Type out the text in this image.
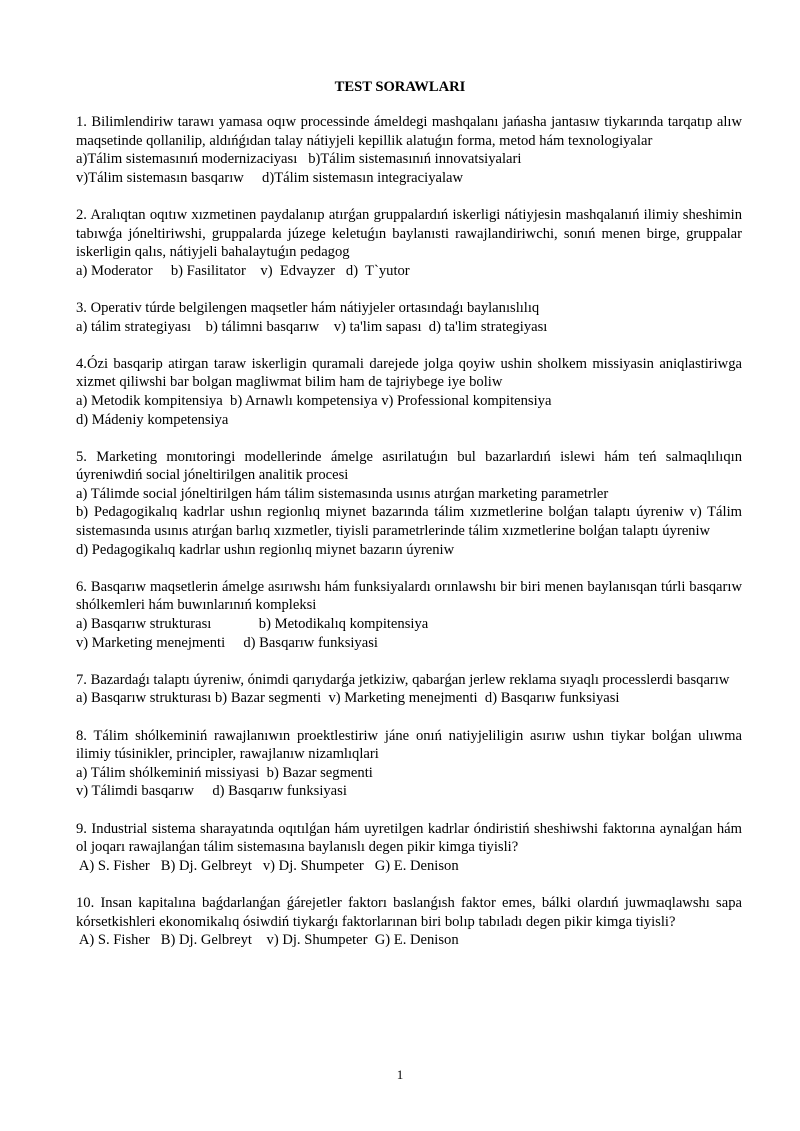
TEST SORAWLARI

1. Bilimlendiriw tarawı yamasa oqıw processinde ámeldegi mashqalanı jańasha jantasıw tiykarında tarqatıp alıw maqsetinde qollanilip, aldıńǵıdan talay nátiyjeli kepillik alatuǵın forma, metod hám texnologiyalar

a)Tálim sistemasınıń modernizaciyası   b)Tálim sistemasınıń innovatsiyalari

v)Tálim sistemasın basqarıw     d)Tálim sistemasın integraciyalaw

2. Aralıqtan oqıtıw xızmetinen paydalanıp atırǵan gruppalardıń iskerligi nátiyjesin mashqalanıń ilimiy sheshimin tabıwǵa jóneltiriwshi, gruppalarda júzege keletuǵın baylanısti rawajlandiriwchi, sonıń menen birge, gruppalar iskerligin qalıs, nátiyjeli bahalaytuǵın pedagog

a) Moderator     b) Fasilitator    v)  Edvayzer   d)  T`yutor

3. Operativ túrde belgilengen maqsetler hám nátiyjeler ortasındaǵı baylanıslılıq

a) tálim strategiyası    b) tálimni basqarıw    v) ta'lim sapası  d) ta'lim strategiyası

4.Ózi basqarip atirgan taraw iskerligin quramali darejede jolga qoyiw ushin sholkem missiyasin aniqlastiriwga xizmet qiliwshi bar bolgan magliwmat bilim ham de tajriybege iye boliw

a) Metodik kompitensiya  b) Arnawlı kompetensiya v) Professional kompitensiya

d) Mádeniy kompetensiya

5. Marketing monıtoringi modellerinde ámelge asırilatuǵın bul bazarlardıń islewi hám teń salmaqlılıqın úyreniwdiń social jóneltirilgen analitik procesi

a) Tálimde social jóneltirilgen hám tálim sistemasında usınıs atırǵan marketing parametrler

b) Pedagogikalıq kadrlar ushın regionlıq miynet bazarında tálim xızmetlerine bolǵan talaptı úyreniw v) Tálim sistemasında usınıs atırǵan barlıq xızmetler, tiyisli parametrlerinde tálim xızmetlerine bolǵan talaptı úyreniw

d) Pedagogikalıq kadrlar ushın regionlıq miynet bazarın úyreniw

6. Basqarıw maqsetlerin ámelge asırıwshı hám funksiyalardı orınlawshı bir biri menen baylanısqan túrli basqarıw shólkemleri hám buwınlarınıń kompleksi

a) Basqarıw strukturası             b) Metodikalıq kompitensiya

v) Marketing menejmenti     d) Basqarıw funksiyasi

7. Bazardaǵı talaptı úyreniw, ónimdi qarıydarǵa jetkiziw, qabarǵan jerlew reklama sıyaqlı processlerdi basqarıw

a) Basqarıw strukturası b) Bazar segmenti  v) Marketing menejmenti  d) Basqarıw funksiyasi

8. Tálim shólkeminiń rawajlanıwın proektlestiriw jáne onıń natiyjeliligin asırıw ushın tiykar bolǵan ulıwma ilimiy túsinikler, principler, rawajlanıw nizamlıqlari

a) Tálim shólkeminiń missiyasi  b) Bazar segmenti

v) Tálimdi basqarıw     d) Basqarıw funksiyasi

9. Industrial sistema sharayatında oqıtılǵan hám uyretilgen kadrlar óndiristiń sheshiwshi faktorına aynalǵan hám ol joqarı rawajlanǵan tálim sistemasına baylanıslı degen pikir kimga tiyisli?

A) S. Fisher   B) Dj. Gelbreyt   v) Dj. Shumpeter   G) E. Denison

10. Insan kapitalına baǵdarlanǵan ǵárejetler faktorı baslanǵısh faktor emes, bálki olardıń juwmaqlawshı sapa kórsetkishleri ekonomikalıq ósiwdiń tiykarǵı faktorlarınan biri bolıp tabıladı degen pikir kimga tiyisli?

A) S. Fisher   B) Dj. Gelbreyt    v) Dj. Shumpeter  G) E. Denison

1
